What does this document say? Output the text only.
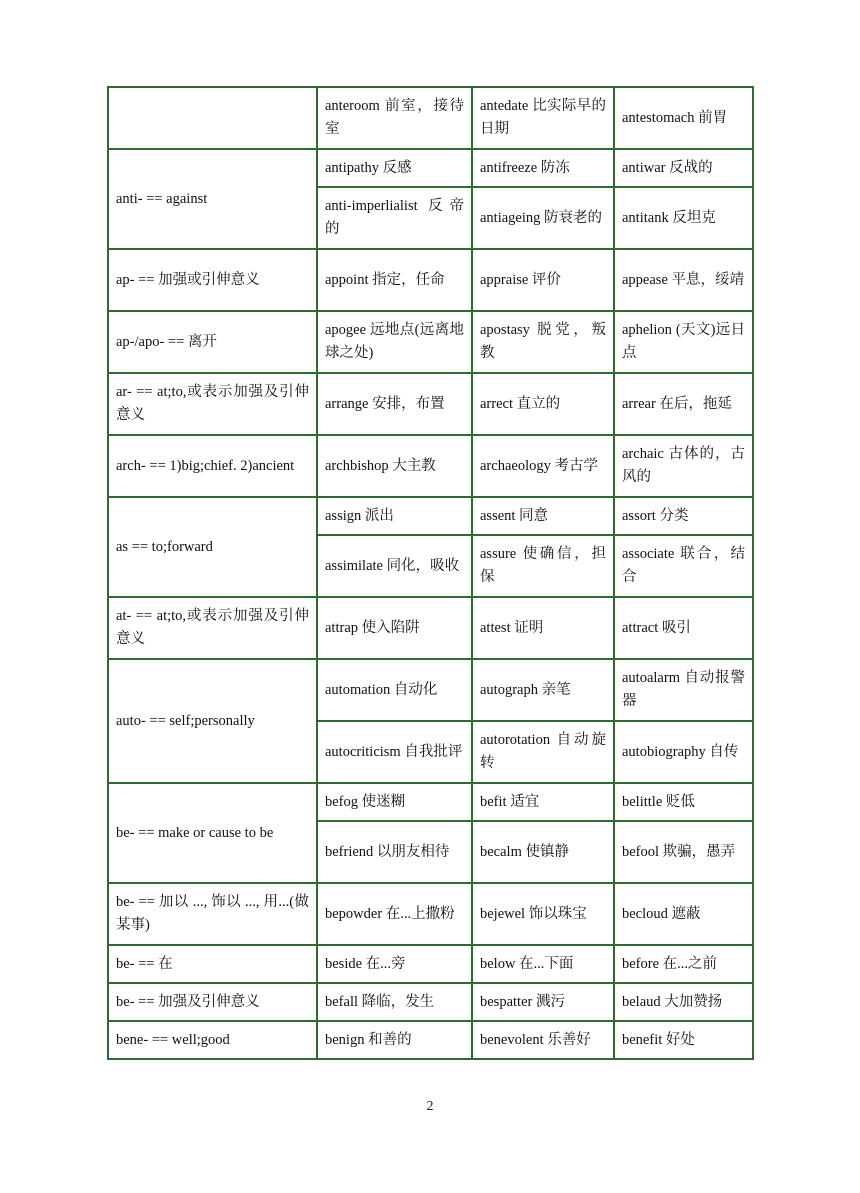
	anteroom 前室，接待室	antedate 比实际早的日期	antestomach 前胃
anti- == against	antipathy 反感	antifreeze 防冻	antiwar 反战的
	anti-imperlialist 反帝的	antiageing 防衰老的	antitank 反坦克
ap- == 加强或引伸意义	appoint 指定，任命	appraise 评价	appease 平息，绥靖
ap-/apo- == 离开	apogee 远地点(远离地球之处)	apostasy 脱党，叛教	aphelion (天文)远日点
ar- == at;to,或表示加强及引伸意义	arrange 安排，布置	arrect 直立的	arrear 在后，拖延
arch- == 1)big;chief. 2)ancient	archbishop 大主教	archaeology 考古学	archaic 古体的，古风的
as == to;forward	assign 派出	assent 同意	assort 分类
	assimilate 同化，吸收	assure 使确信，担保	associate 联合，结合
at- == at;to,或表示加强及引伸意义	attrap 使入陷阱	attest 证明	attract 吸引
auto- == self;personally	automation 自动化	autograph 亲笔	autoalarm 自动报警器
	autocriticism 自我批评	autorotation 自动旋转	autobiography 自传
be- == make or cause to be	befog 使迷糊	befit 适宜	belittle 贬低
	befriend 以朋友相待	becalm 使镇静	befool 欺骗，愚弄
be- == 加以 ..., 饰以 ..., 用...(做某事)	bepowder 在...上撒粉	bejewel 饰以珠宝	becloud 遮蔽
be- == 在	beside 在...旁	below 在...下面	before 在...之前
be- == 加强及引伸意义	befall 降临，发生	bespatter 溅污	belaud 大加赞扬
bene- == well;good	benign 和善的	benevolent 乐善好	benefit 好处
2
